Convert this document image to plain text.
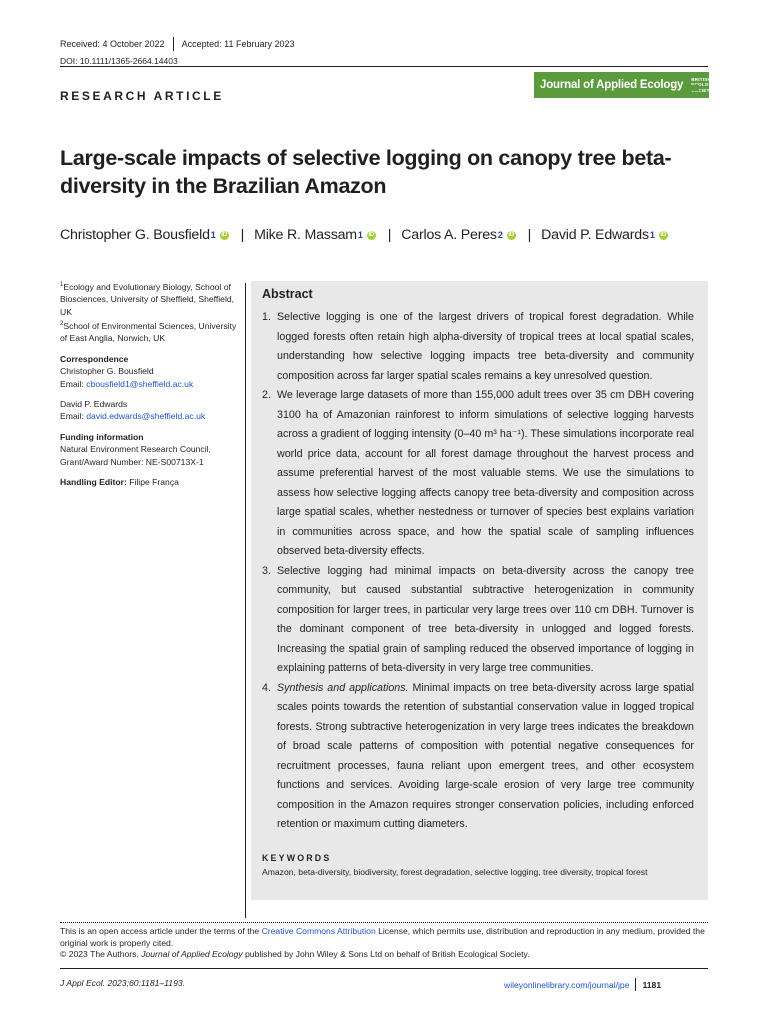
Received: 4 October 2022 Accepted: 11 February 2023
DOI: 10.1111/1365-2664.14403
Journal of Applied Ecology BRITISH
ECOLOGICAL
SOCIETY
RESEARCH ARTICLE
Large-scale impacts of selective logging on canopy tree beta-diversity in the Brazilian Amazon
Christopher G. Bousfield 1 iD | Mike R. Massam 1 iD | Carlos A. Peres 2 iD | David P. Edwards 1 iD

$^1$Ecology and Evolutionary Biology, School of Biosciences, University of Sheffield, Sheffield, UK

$^2$School of Environmental Sciences, University of East Anglia, Norwich, UK

Correspondence

Christopher G. Bousfield

Email: cbousfield1@sheffield.ac.uk

David P. Edwards

Email: david.edwards@sheffield.ac.uk

Funding information

Natural Environment Research Council, Grant/Award Number: NE-S00713X-1

Handling Editor: Filipe França

Abstract
1. Selective logging is one of the largest drivers of tropical forest degradation. While logged forests often retain high alpha-diversity of tropical trees at local spatial scales, understanding how selective logging impacts tree beta-diversity and community composition across far larger spatial scales remains a key unresolved question.
2. We leverage large datasets of more than 155,000 adult trees over 35 cm DBH covering 3100 ha of Amazonian rainforest to inform simulations of selective logging harvests across a gradient of logging intensity (0–40 m³ ha⁻¹). These simulations incorporate real world price data, account for all forest damage throughout the harvest process and assume preferential harvest of the most valuable stems. We use the simulations to assess how selective logging affects canopy tree beta-diversity and composition across large spatial scales, whether nestedness or turnover of species best explains variation in communities across space, and how the spatial scale of sampling influences observed beta-diversity effects.
3. Selective logging had minimal impacts on beta-diversity across the canopy tree community, but caused substantial subtractive heterogenization in community composition for larger trees, in particular very large trees over 110 cm DBH. Turnover is the dominant component of tree beta-diversity in unlogged and logged forests. Increasing the spatial grain of sampling reduced the observed importance of logging in explaining patterns of beta-diversity in very large tree communities.
4. Synthesis and applications. Minimal impacts on tree beta-diversity across large spatial scales points towards the retention of substantial conservation value in logged tropical forests. Strong subtractive heterogenization in very large trees indicates the breakdown of broad scale patterns of composition with potential negative consequences for recruitment processes, fauna reliant upon emergent trees, and other ecosystem functions and services. Avoiding large-scale erosion of very large tree community composition in the Amazon requires stronger conservation policies, including enforced retention or maximum cutting diameters.
KEYWORDS
Amazon, beta-diversity, biodiversity, forest degradation, selective logging, tree diversity, tropical forest
This is an open access article under the terms of the Creative Commons Attribution License, which permits use, distribution and reproduction in any medium, provided the original work is properly cited.
© 2023 The Authors. Journal of Applied Ecology published by John Wiley & Sons Ltd on behalf of British Ecological Society.
J Appl Ecol. 2023;60:1181–1193.	wileyonlinelibrary.com/journal/jpe 1181
